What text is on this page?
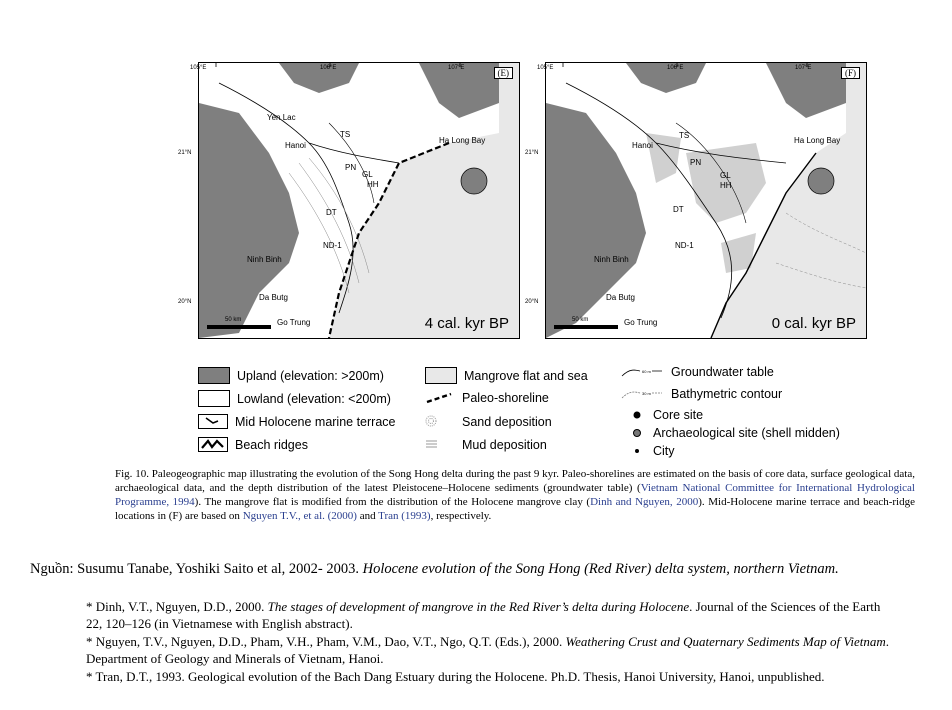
(E)
Yen Lac
Hanoi
TS
Ha Long Bay
PN
GL
HH
DT
ND-1
Ninh Binh
Da Butg
Go Trung
50 km	4 cal. kyr BP
105°E	106°E	107°E
21°N
20°N
(F)
Hanoi
TS
Ha Long Bay
PN
GL
HH
DT
ND-1
Ninh Binh
Da Butg
Go Trung
50 km	0 cal. kyr BP
105°E	106°E	107°E
21°N
20°N
Upland (elevation: >200m)
Lowland (elevation: <200m)
Mid Holocene marine terrace
Beach ridges
Mangrove flat and sea
Paleo-shoreline
Sand deposition
Mud deposition
60 m Groundwater table
30 m Bathymetric contour
Core site
Archaeological site (shell midden)
City
Fig. 10. Paleogeographic map illustrating the evolution of the Song Hong delta during the past 9 kyr. Paleo-shorelines are estimated on the basis of core data, surface geological data, archaeological data, and the depth distribution of the latest Pleistocene–Holocene sediments (groundwater table) (Vietnam National Committee for International Hydrological Programme, 1994). The mangrove flat is modified from the distribution of the Holocene mangrove clay (Dinh and Nguyen, 2000). Mid-Holocene marine terrace and beach-ridge locations in (F) are based on Nguyen T.V., et al. (2000) and Tran (1993), respectively.
Nguồn: Susumu Tanabe, Yoshiki Saito et al, 2002- 2003. Holocene evolution of the Song Hong (Red River) delta system, northern Vietnam.
* Dinh, V.T., Nguyen, D.D., 2000. The stages of development of mangrove in the Red River’s delta during Holocene. Journal of the Sciences of the Earth 22, 120–126 (in Vietnamese with English abstract).
* Nguyen, T.V., Nguyen, D.D., Pham, V.H., Pham, V.M., Dao, V.T., Ngo, Q.T. (Eds.), 2000. Weathering Crust and Quaternary Sediments Map of Vietnam. Department of Geology and Minerals of Vietnam, Hanoi.
* Tran, D.T., 1993. Geological evolution of the Bach Dang Estuary during the Holocene. Ph.D. Thesis, Hanoi University, Hanoi, unpublished.
